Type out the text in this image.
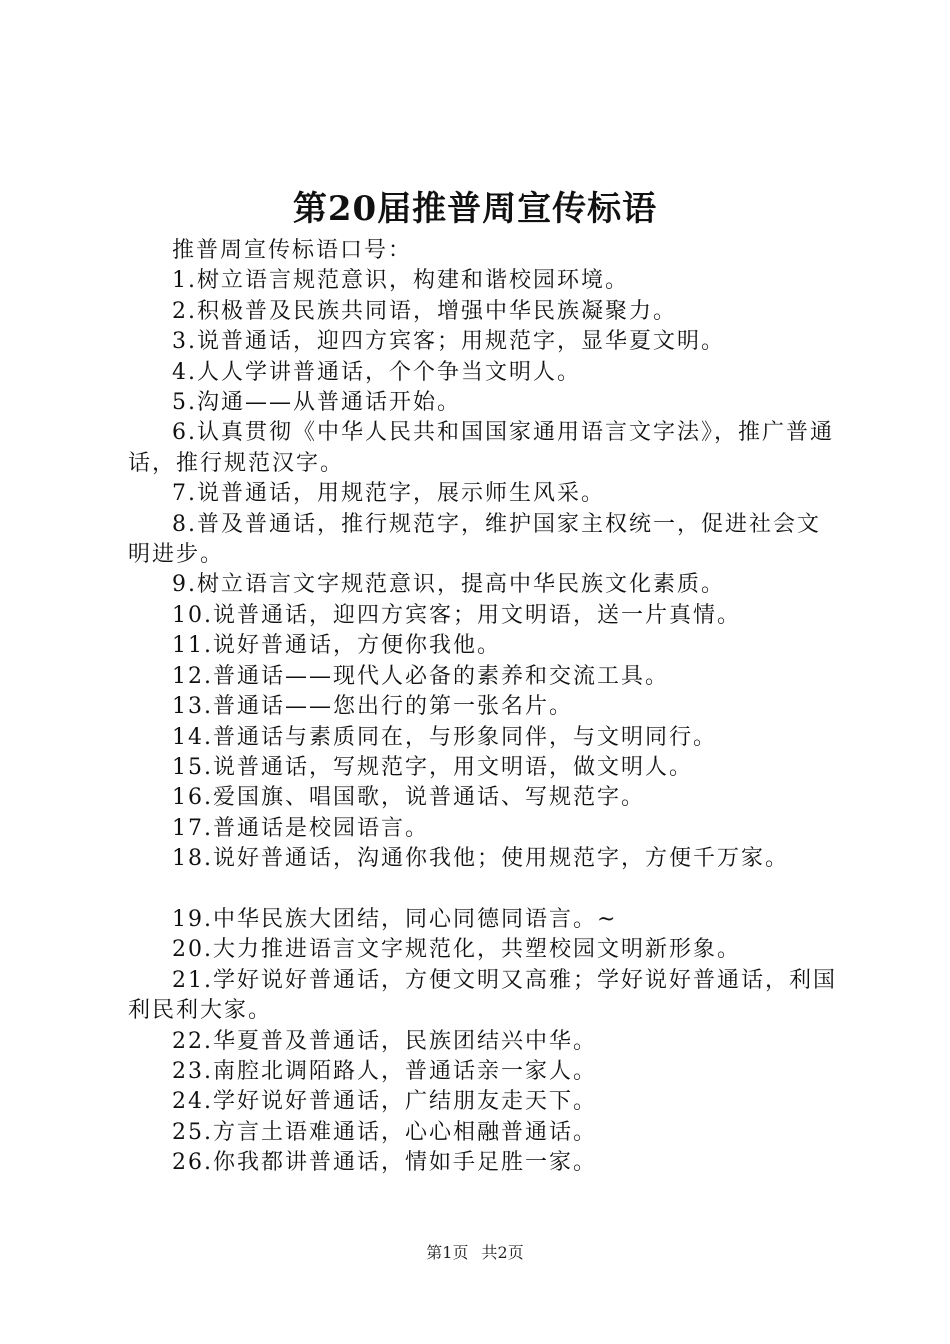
第20届推普周宣传标语

推普周宣传标语口号：

1.树立语言规范意识，构建和谐校园环境。

2.积极普及民族共同语，增强中华民族凝聚力。

3.说普通话，迎四方宾客；用规范字，显华夏文明。

4.人人学讲普通话，个个争当文明人。

5.沟通——从普通话开始。

6.认真贯彻《中华人民共和国国家通用语言文字法》，推广普通话，推行规范汉字。

7.说普通话，用规范字，展示师生风采。

8.普及普通话，推行规范字，维护国家主权统一，促进社会文明进步。

9.树立语言文字规范意识，提高中华民族文化素质。

10.说普通话，迎四方宾客；用文明语，送一片真情。

11.说好普通话，方便你我他。

12.普通话——现代人必备的素养和交流工具。

13.普通话——您出行的第一张名片。

14.普通话与素质同在，与形象同伴，与文明同行。

15.说普通话，写规范字，用文明语，做文明人。

16.爱国旗、唱国歌，说普通话、写规范字。

17.普通话是校园语言。

18.说好普通话，沟通你我他；使用规范字，方便千万家。

19.中华民族大团结，同心同德同语言。~

20.大力推进语言文字规范化，共塑校园文明新形象。

21.学好说好普通话，方便文明又高雅；学好说好普通话，利国利民利大家。

22.华夏普及普通话，民族团结兴中华。

23.南腔北调陌路人，普通话亲一家人。

24.学好说好普通话，广结朋友走天下。

25.方言土语难通话，心心相融普通话。

26.你我都讲普通话，情如手足胜一家。

第1页 共2页
